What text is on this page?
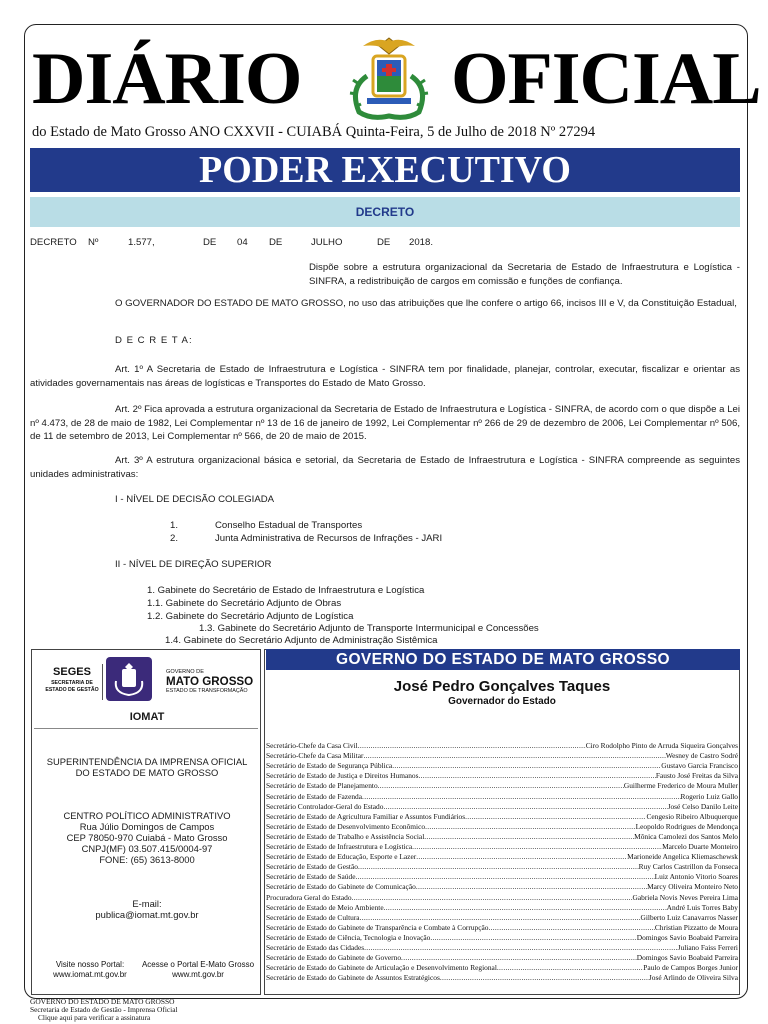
DIÁRIO OFICIAL
do Estado de Mato Grosso ANO CXXVII - CUIABÁ Quinta-Feira, 5 de Julho de 2018 Nº 27294
PODER EXECUTIVO
DECRETO
DECRETO Nº	1.577,	DE 04 DE	JULHO	DE 2018.
Dispõe sobre a estrutura organizacional da Secretaria de Estado de Infraestrutura e Logística - SINFRA, a redistribuição de cargos em comissão e funções de confiança.
O GOVERNADOR DO ESTADO DE MATO GROSSO, no uso das atribuições que lhe confere o artigo 66, incisos III e V, da Constituição Estadual,
D E C R E T A:
Art. 1º A Secretaria de Estado de Infraestrutura e Logística - SINFRA tem por finalidade, planejar, controlar, executar, fiscalizar e orientar as atividades governamentais nas áreas de logísticas e Transportes do Estado de Mato Grosso.
Art. 2º Fica aprovada a estrutura organizacional da Secretaria de Estado de Infraestrutura e Logística - SINFRA, de acordo com o que dispõe a Lei nº 4.473, de 28 de maio de 1982, Lei Complementar nº 13 de 16 de janeiro de 1992, Lei Complementar nº 266 de 29 de dezembro de 2006, Lei Complementar nº 506, de 11 de setembro de 2013, Lei Complementar nº 566, de 20 de maio de 2015.
Art. 3º A estrutura organizacional básica e setorial, da Secretaria de Estado de Infraestrutura e Logística - SINFRA compreende as seguintes unidades administrativas:
I - NÍVEL DE DECISÃO COLEGIADA
1.	Conselho Estadual de Transportes
2.	Junta Administrativa de Recursos de Infrações - JARI
II - NÍVEL DE DIREÇÃO SUPERIOR
1. Gabinete do Secretário de Estado de Infraestrutura e Logística
1.1. Gabinete do Secretário Adjunto de Obras
1.2. Gabinete do Secretário Adjunto de Logística
1.3. Gabinete do Secretário Adjunto de Transporte Intermunicipal e Concessões
1.4. Gabinete do Secretário Adjunto de Administração Sistêmica
SEGES
SECRETARIA DE
ESTADO DE GESTÃO
GOVERNO DE
MATO GROSSO
ESTADO DE TRANSFORMAÇÃO
IOMAT
SUPERINTENDÊNCIA DA IMPRENSA OFICIAL
DO ESTADO DE MATO GROSSO
CENTRO POLÍTICO ADMINISTRATIVO
Rua Júlio Domingos de Campos
CEP 78050-970 Cuiabá - Mato Grosso
CNPJ(MF) 03.507.415/0004-97
FONE: (65) 3613-8000
E-mail:
publica@iomat.mt.gov.br
Visite nosso Portal:
www.iomat.mt.gov.br
Acesse o Portal E-Mato Grosso
www.mt.gov.br
GOVERNO DO ESTADO DE MATO GROSSO
José Pedro Gonçalves Taques
Governador do Estado
Secretário-Chefe da Casa Civil .....	Ciro Rodolpho Pinto de Arruda Siqueira Gonçalves
Secretário-Chefe da Casa Militar .....	Wesney de Castro Sodré
Secretário de Estado de Segurança Pública .....	Gustavo Garcia Francisco
Secretário de Estado de Justiça e Direitos Humanos .....	Fausto José Freitas da Silva
Secretário de Estado de Planejamento .....	Guilherme Frederico de Moura Muller
Secretário de Estado de Fazenda .....	Rogerio Luiz Gallo
Secretário Controlador-Geral do Estado .....	José Celso Danilo Leite
Secretário de Estado de Agricultura Familiar e Assuntos Fundiários .....	Cengesio Ribeiro Albuquerque
Secretário de Estado de Desenvolvimento Econômico .....	Leopoldo Rodrigues de Mendonça
Secretário de Estado de Trabalho e Assistência Social .....	Mônica Camolezi dos Santos Melo
Secretário de Estado de Infraestrutura e Logística .....	Marcelo Duarte Monteiro
Secretário de Estado de Educação, Esporte e Lazer .....	Marioneide Angelica Kliemaschewsk
Secretário de Estado de Gestão .....	Ruy Carlos Castrillon da Fonseca
Secretário de Estado de Saúde .....	Luiz Antonio Vitorio Soares
Secretário de Estado do Gabinete de Comunicação .....	Marcy Oliveira Monteiro Neto
Procuradora Geral do Estado .....	Gabriela Novis Neves Pereira Lima
Secretário de Estado de Meio Ambiente .....	André Luis Torres Baby
Secretário de Estado de Cultura .....	Gilberto Luiz Canavarros Nasser
Secretário de Estado do Gabinete de Transparência e Combate à Corrupção .....	Christian Pizzatto de Moura
Secretário de Estado de Ciência, Tecnologia e Inovação .....	Domingos Savio Boabaid Parreira
Secretário de Estado das Cidades .....	Juliano Faiss Ferreri
Secretário de Estado do Gabinete de Governo .....	Domingos Savio Boabaid Parreira
Secretário de Estado do Gabinete de Articulação e Desenvolvimento Regional .....	Paulo de Campos Borges Junior
Secretário de Estado do Gabinete de Assuntos Estratégicos .....	José Arlindo de Oliveira Silva
GOVERNO DO ESTADO DE MATO GROSSO
Secretaria de Estado de Gestão - Imprensa Oficial
Clique aqui para verificar a assinatura
